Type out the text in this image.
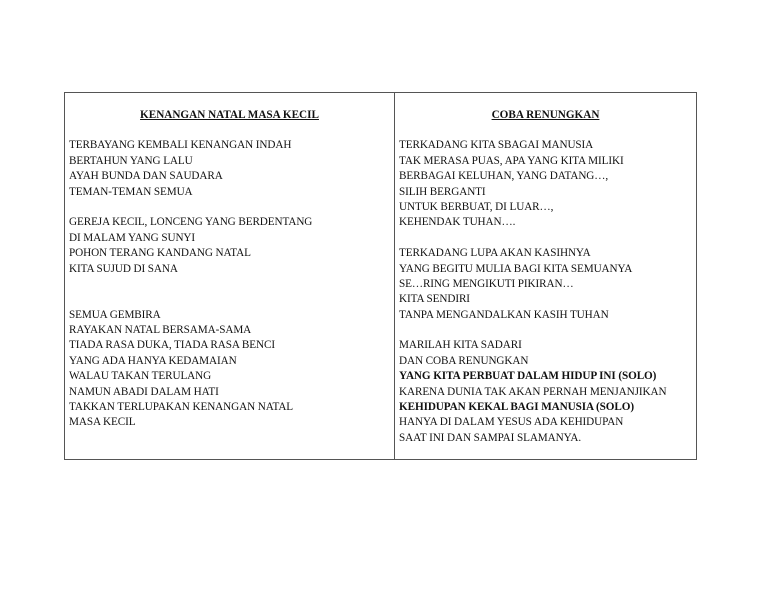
KENANGAN NATAL MASA KECIL
TERBAYANG KEMBALI KENANGAN INDAH
BERTAHUN YANG LALU
AYAH BUNDA DAN SAUDARA
TEMAN-TEMAN SEMUA
GEREJA KECIL, LONCENG YANG BERDENTANG
DI MALAM YANG SUNYI
POHON TERANG KANDANG NATAL
KITA SUJUD DI SANA
SEMUA GEMBIRA
RAYAKAN NATAL BERSAMA-SAMA
TIADA RASA DUKA, TIADA RASA BENCI
YANG ADA HANYA KEDAMAIAN
WALAU TAKAN TERULANG
NAMUN ABADI DALAM HATI
TAKKAN TERLUPAKAN KENANGAN NATAL
MASA KECIL
COBA RENUNGKAN
TERKADANG KITA SBAGAI MANUSIA
TAK MERASA PUAS, APA YANG KITA MILIKI
BERBAGAI KELUHAN, YANG DATANG…,
SILIH BERGANTI
UNTUK BERBUAT, DI LUAR…,
KEHENDAK TUHAN….
TERKADANG LUPA AKAN KASIHNYA
YANG BEGITU MULIA BAGI KITA SEMUANYA
SE…RING MENGIKUTI PIKIRAN…
KITA SENDIRI
TANPA MENGANDALKAN KASIH TUHAN
MARILAH KITA SADARI
DAN COBA RENUNGKAN
YANG KITA PERBUAT DALAM HIDUP INI (SOLO)
KARENA DUNIA TAK AKAN PERNAH MENJANJIKAN
KEHIDUPAN KEKAL BAGI MANUSIA (SOLO)
HANYA DI DALAM YESUS ADA KEHIDUPAN
SAAT INI DAN SAMPAI SLAMANYA.
